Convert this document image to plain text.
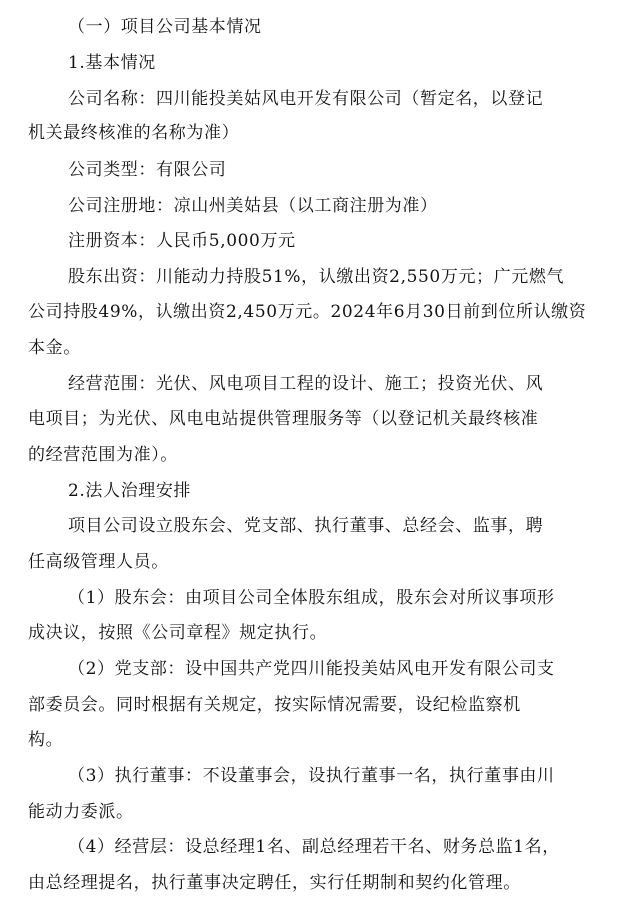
（一）项目公司基本情况
1.基本情况
公司名称：四川能投美姑风电开发有限公司（暂定名，以登记
机关最终核准的名称为准）
公司类型：有限公司
公司注册地：凉山州美姑县（以工商注册为准）
注册资本：人民币5,000万元
股东出资：川能动力持股51%，认缴出资2,550万元；广元燃气
公司持股49%，认缴出资2,450万元。2024年6月30日前到位所认缴资
本金。
经营范围：光伏、风电项目工程的设计、施工；投资光伏、风
电项目；为光伏、风电电站提供管理服务等（以登记机关最终核准
的经营范围为准）。
2.法人治理安排
项目公司设立股东会、党支部、执行董事、总经会、监事，聘
任高级管理人员。
（1）股东会：由项目公司全体股东组成，股东会对所议事项形
成决议，按照《公司章程》规定执行。
（2）党支部：设中国共产党四川能投美姑风电开发有限公司支
部委员会。同时根据有关规定，按实际情况需要，设纪检监察机
构。
（3）执行董事：不设董事会，设执行董事一名，执行董事由川
能动力委派。
（4）经营层：设总经理1名、副总经理若干名、财务总监1名，
由总经理提名，执行董事决定聘任，实行任期制和契约化管理。
